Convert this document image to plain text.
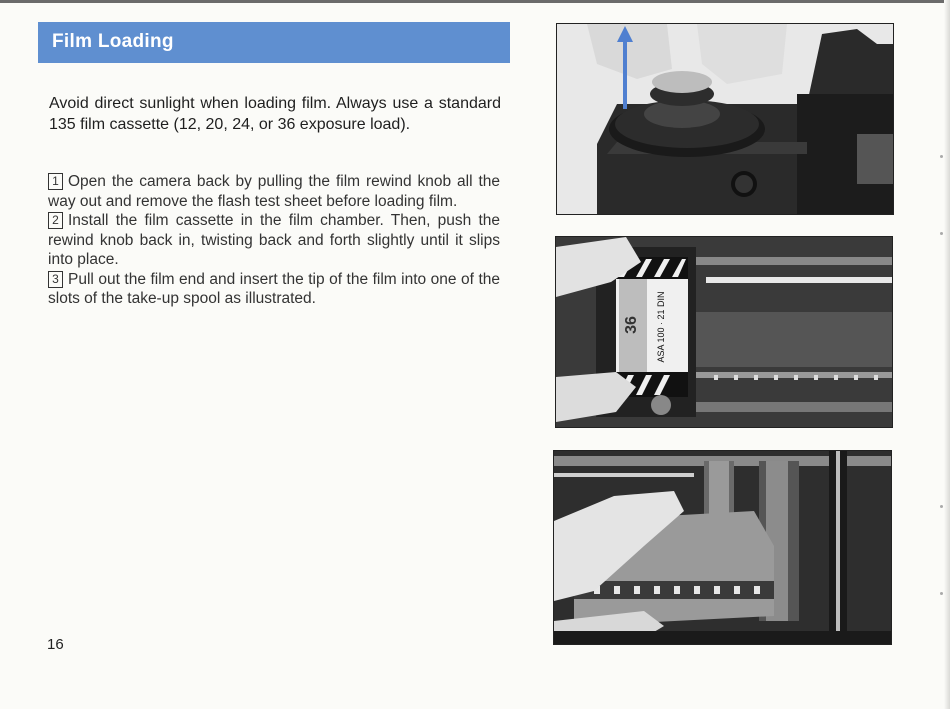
Film Loading

Avoid direct sunlight when loading film. Always use a standard 135 film cassette (12, 20, 24, or 36 exposure load).

1 Open the camera back by pulling the film rewind knob all the way out and remove the flash test sheet before loading film.

2 Install the film cassette in the film chamber. Then, push the rewind knob back in, twisting back and forth slightly until it slips into place.

3 Pull out the film end and insert the tip of the film into one of the slots of the take-up spool as illustrated.

16
36 ASA 100 · 21 DIN
